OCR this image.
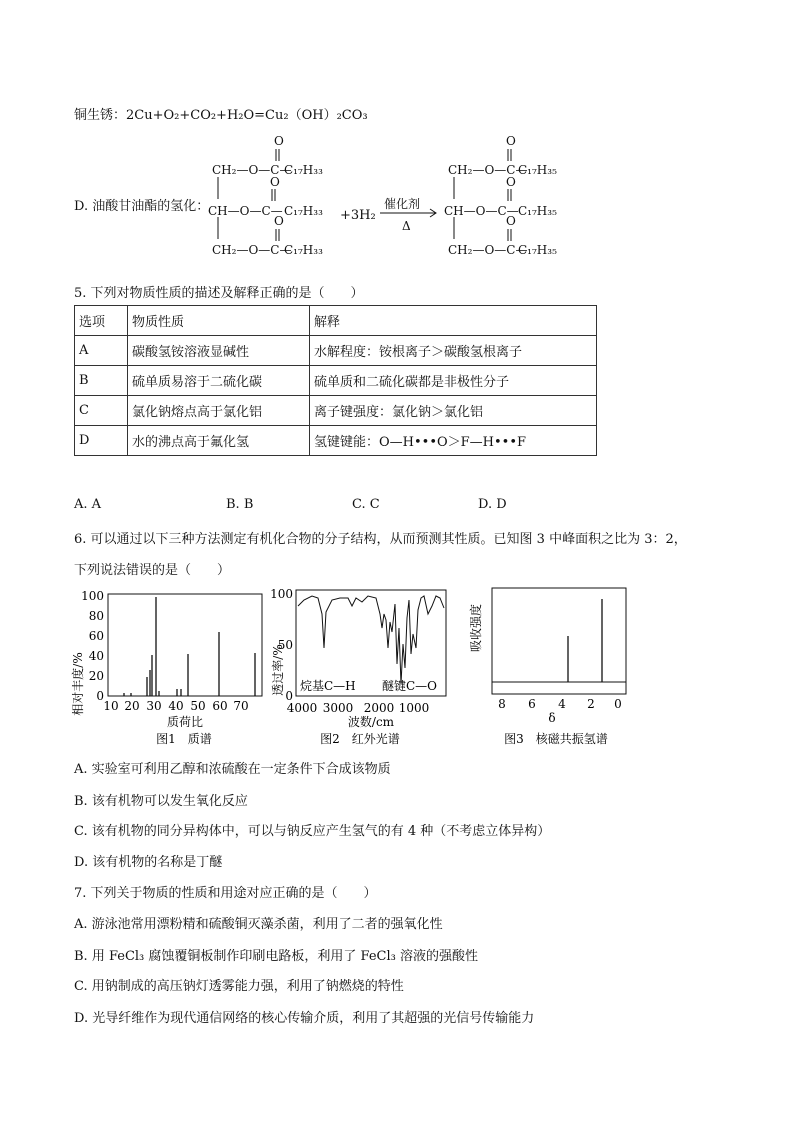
铜生锈：2Cu+O₂+CO₂+H₂O=Cu₂（OH）₂CO₃
D. 油酸甘油酯的氢化：
O
O
O
CH₂—O—C—
CH—O—C—
CH₂—O—C—
C₁₇H₃₃
C₁₇H₃₃
C₁₇H₃₃
+3H₂
催化剂
Δ
O
O
O
CH₂—O—C—
CH—O—C—
CH₂—O—C—
C₁₇H₃₅
C₁₇H₃₅
C₁₇H₃₅
5. 下列对物质性质的描述及解释正确的是（　　）
选项	物质性质	解释
A	碳酸氢铵溶液显碱性	水解程度：铵根离子＞碳酸氢根离子
B	硫单质易溶于二硫化碳	硫单质和二硫化碳都是非极性分子
C	氯化钠熔点高于氯化铝	离子键强度：氯化钠＞氯化铝
D	水的沸点高于氟化氢	氢键键能：O—H•••O＞F—H•••F
A. A	B. B	C. C	D. D
6. 可以通过以下三种方法测定有机化合物的分子结构，从而预测其性质。已知图 3 中峰面积之比为 3：2，
下列说法错误的是（　　）
相对丰度/%
100
80
60
40
20
0
10 20 30 40 50 60 70
质荷比
图1　质谱
透过率/%
100
50
0
烷基C—H 醚键C—O
4000 3000 2000 1000
波数/cm
图2　红外光谱
吸收强度
8 6 4 2 0
δ
图3　核磁共振氢谱
A. 实验室可利用乙醇和浓硫酸在一定条件下合成该物质
B. 该有机物可以发生氧化反应
C. 该有机物的同分异构体中，可以与钠反应产生氢气的有 4 种（不考虑立体异构）
D. 该有机物的名称是丁醚
7. 下列关于物质的性质和用途对应正确的是（　　）
A. 游泳池常用漂粉精和硫酸铜灭藻杀菌，利用了二者的强氧化性
B. 用 FeCl₃ 腐蚀覆铜板制作印刷电路板，利用了 FeCl₃ 溶液的强酸性
C. 用钠制成的高压钠灯透雾能力强，利用了钠燃烧的特性
D. 光导纤维作为现代通信网络的核心传输介质，利用了其超强的光信号传输能力
